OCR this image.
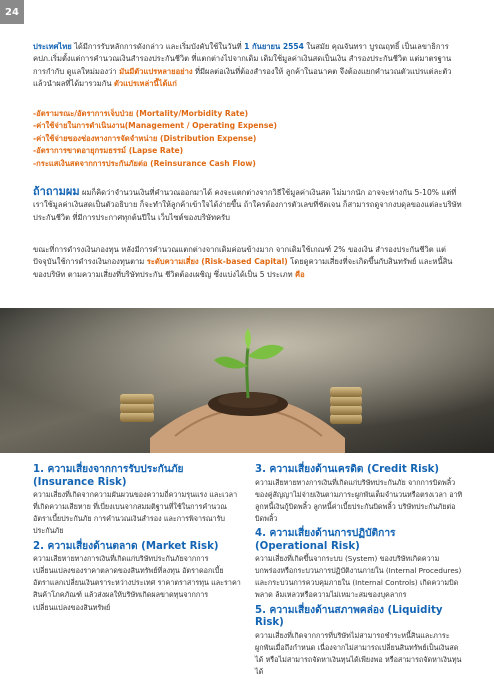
24

ประเทศไทย ได้มีการรับหลักการดังกล่าว และเริ่มบังคับใช้ในวันที่ 1 กันยายน 2554 ในสมัย คุณจันทรา บูรณฤทธิ์ เป็นเลขาธิการ คปภ.เริ่มตั้งแต่การคำนวณเงินสำรองประกันชีวิต ที่แตกต่างไปจากเดิม เดิมใช้มูลค่าเงินสดเป็นเงิน สำรองประกันชีวิต แต่มาตรฐานการกำกับ ดูแลใหม่มองว่า มันมีตัวแปรหลายอย่าง ที่มีผลต่อเงินที่ต้องสำรองให้ ลูกค้าในอนาคต จึงต้องแยกคำนวณตัวแปรแต่ละตัว แล้วนำผลที่ได้มารวมกัน ตัวแปรเหล่านี้ได้แก่

-อัตรามรณะ/อัตราการเจ็บป่วย (Mortality/Morbidity Rate)
-ค่าใช้จ่ายในการดำเนินงาน(Management / Operating Expense)
-ค่าใช้จ่ายของช่องทางการจัดจำหน่าย (Distribution Expense)
-อัตราการขาดอายุกรมธรรม์ (Lapse Rate)
-กระแสเงินสดจากการประกันภัยต่อ (Reinsurance Cash Flow)

ถ้าถามผม ผมก็คิดว่าจำนวนเงินที่คำนวณออกมาได้ คงจะแตกต่างจากวิธีใช้มูลค่าเงินสด ไม่มากนัก อาจจะห่างกัน 5-10% แต่ที่เราใช้มูลค่าเงินสดเป็นตัวอธิบาย ก็จะทำให้ลูกค้าเข้าใจได้ง่ายขึ้น ถ้าใครต้องการตัวเลขที่ชัดเจน ก็สามารถดูจากงบดุลของแต่ละบริษัทประกันชีวิต ที่มีการประกาศทุกต้นปีใน เว็บไซต์ของบริษัทครับ

ขณะที่การดำรงเงินกองทุน หลังมีการคำนวณแตกต่างจากเดิมค่อนข้างมาก จากเดิมใช้เกณฑ์ 2% ของเงิน สำรองประกันชีวิต แต่ปัจจุบันใช้การดำรงเงินกองทุนตาม ระดับความเสี่ยง (Risk-based Capital) โดยดูความเสี่ยงที่จะเกิดขึ้นกับสินทรัพย์ และหนี้สินของบริษัท ตามความเสี่ยงที่บริษัทประกัน ชีวิตต้องเผชิญ ซึ่งแบ่งได้เป็น 5 ประเภท คือ

1. ความเสี่ยงจากการรับประกันภัย (Insurance Risk)

ความเสี่ยงที่เกิดจากความผันผวนของความถี่ความรุนแรง และเวลาที่เกิดความเสียหาย ที่เบี่ยงเบนจากสมมติฐานที่ใช้ในการคำนวณอัตราเบี้ยประกันภัย การคำนวณเงินสำรอง และการพิจารณารับประกันภัย

2. ความเสี่ยงด้านตลาด (Market Risk)

ความเสียหายทางการเงินที่เกิดแก่บริษัทประกันภัยจากการเปลี่ยนแปลงของราคาตลาดของสินทรัพย์ที่ลงทุน อัตราดอกเบี้ย อัตราแลกเปลี่ยนเงินตราระหว่างประเทศ ราคาตราสารทุน และราคาสินค้าโภคภัณฑ์ แล้วส่งผลให้บริษัทเกิดผลขาดทุนจากการเปลี่ยนแปลงของสินทรัพย์

3. ความเสี่ยงด้านเครดิต (Credit Risk)

ความเสียหายทางการเงินที่เกิดแก่บริษัทประกันภัย จากการบิดพลิ้วของคู่สัญญาไม่จ่ายเงินตามภาระผูกพันเต็มจำนวนหรือตรงเวลา อาทิ ลูกหนี้เงินกู้บิดพลิ้ว ลูกหนี้ค่าเบี้ยประกันบิดพลิ้ว บริษัทประกันภัยต่อบิดพลิ้ว

4. ความเสี่ยงด้านการปฏิบัติการ (Operational Risk)

ความเสี่ยงที่เกิดขึ้นจากระบบ (System) ของบริษัทเกิดความบกพร่องหรือกระบวนการปฏิบัติงานภายใน (Internal Procedures) และกระบวนการควบคุมภายใน (Internal Controls) เกิดความบิดพลาด ล้มเหลวหรือความไม่เหมาะสมของบุคลากร

5. ความเสี่ยงด้านสภาพคล่อง (Liquidity Risk)

ความเสี่ยงที่เกิดจากการที่บริษัทไม่สามารถชำระหนี้สินและภาระผูกพันเมื่อถึงกำหนด เนื่องจากไม่สามารถเปลี่ยนสินทรัพย์เป็นเงินสดได้ หรือไม่สามารถจัดหาเงินทุนได้เพียงพอ หรือสามารถจัดหาเงินทุนได้
